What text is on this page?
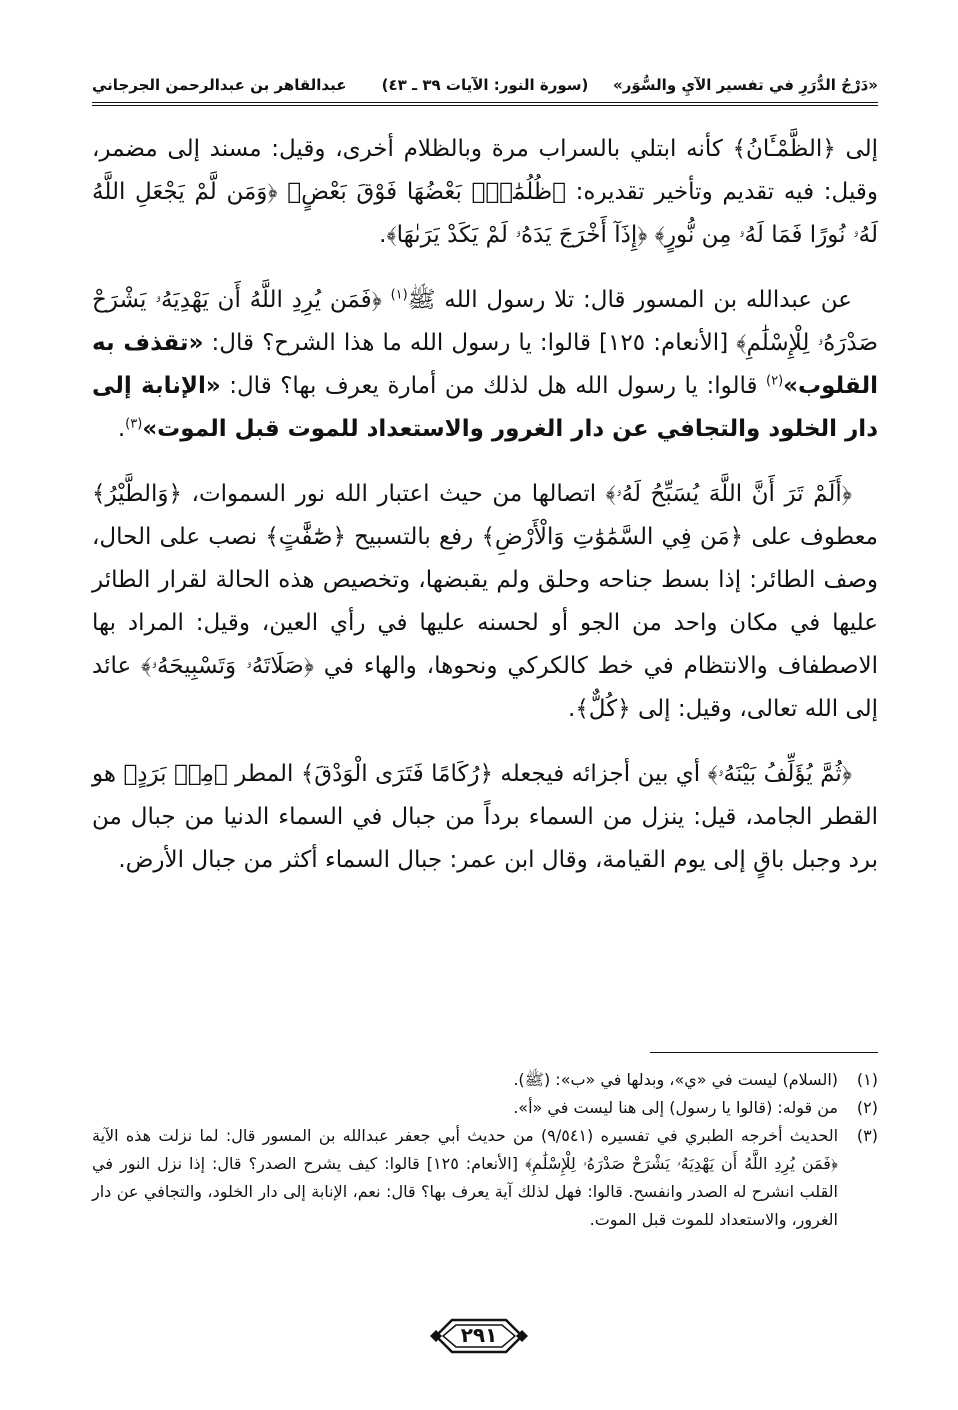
«دَرْجُ الدُّرَرِ في تفسير الآيِ والسُّوَر»
(سورة النور: الآيات ٣٩ ـ ٤٣)
عبدالقاهر بن عبدالرحمن الجرجاني

إلى ﴿الظَّمْـَٔانُ﴾ كأنه ابتلي بالسراب مرة وبالظلام أخرى، وقيل: مسند إلى مضمر، وقيل: فيه تقديم وتأخير تقديره: ﴿ظُلُمَٰتٌۢ بَعْضُهَا فَوْقَ بَعْضٍ﴾ ﴿وَمَن لَّمْ يَجْعَلِ اللَّهُ لَهُۥ نُورًا فَمَا لَهُۥ مِن نُّورٍ﴾ ﴿إِذَآ أَخْرَجَ يَدَهُۥ لَمْ يَكَدْ يَرَىٰهَا﴾.

عن عبدالله بن المسور قال: تلا رسول الله ﷺ$^{(١)}$ ﴿فَمَن يُرِدِ اللَّهُ أَن يَهْدِيَهُۥ يَشْرَحْ صَدْرَهُۥ لِلْإِسْلَٰمِ﴾ [الأنعام: ١٢٥] قالوا: يا رسول الله ما هذا الشرح؟ قال: «تقذف به القلوب»$^{(٢)}$ قالوا: يا رسول الله هل لذلك من أمارة يعرف بها؟ قال: «الإنابة إلى دار الخلود والتجافي عن دار الغرور والاستعداد للموت قبل الموت»$^{(٣)}$.

﴿أَلَمْ تَرَ أَنَّ اللَّهَ يُسَبِّحُ لَهُۥ﴾ اتصالها من حيث اعتبار الله نور السموات، ﴿وَالطَّيْرُ﴾ معطوف على ﴿مَن فِي السَّمَٰوَٰتِ وَالْأَرْضِ﴾ رفع بالتسبيح ﴿صَٰٓفَّٰتٍ﴾ نصب على الحال، وصف الطائر: إذا بسط جناحه وحلق ولم يقبضها، وتخصيص هذه الحالة لقرار الطائر عليها في مكان واحد من الجو أو لحسنه عليها في رأي العين، وقيل: المراد بها الاصطفاف والانتظام في خط كالكركي ونحوها، والهاء في ﴿صَلَاتَهُۥ وَتَسْبِيحَهُۥ﴾ عائد إلى الله تعالى، وقيل: إلى ﴿كُلٌّ﴾.

﴿ثُمَّ يُؤَلِّفُ بَيْنَهُۥ﴾ أي بين أجزائه فيجعله ﴿رُكَامًا فَتَرَى الْوَدْقَ﴾ المطر ﴿مِنۢ بَرَدٍ﴾ هو القطر الجامد، قيل: ينزل من السماء برداً من جبال في السماء الدنيا من جبال من برد وجبل باقٍ إلى يوم القيامة، وقال ابن عمر: جبال السماء أكثر من جبال الأرض.

(١)
(السلام) ليست في «ي»، وبدلها في «ب»: (ﷺ).
(٢)
من قوله: (قالوا يا رسول) إلى هنا ليست في «أ».
(٣)
الحديث أخرجه الطبري في تفسيره (٩/٥٤١) من حديث أبي جعفر عبدالله بن المسور قال: لما نزلت هذه الآية ﴿فَمَن يُرِدِ اللَّهُ أَن يَهْدِيَهُۥ يَشْرَحْ صَدْرَهُۥ لِلْإِسْلَٰمِ﴾ [الأنعام: ١٢٥] قالوا: كيف يشرح الصدر؟ قال: إذا نزل النور في القلب انشرح له الصدر وانفسح. قالوا: فهل لذلك آية يعرف بها؟ قال: نعم، الإنابة إلى دار الخلود، والتجافي عن دار الغرور، والاستعداد للموت قبل الموت.
٢٩١
